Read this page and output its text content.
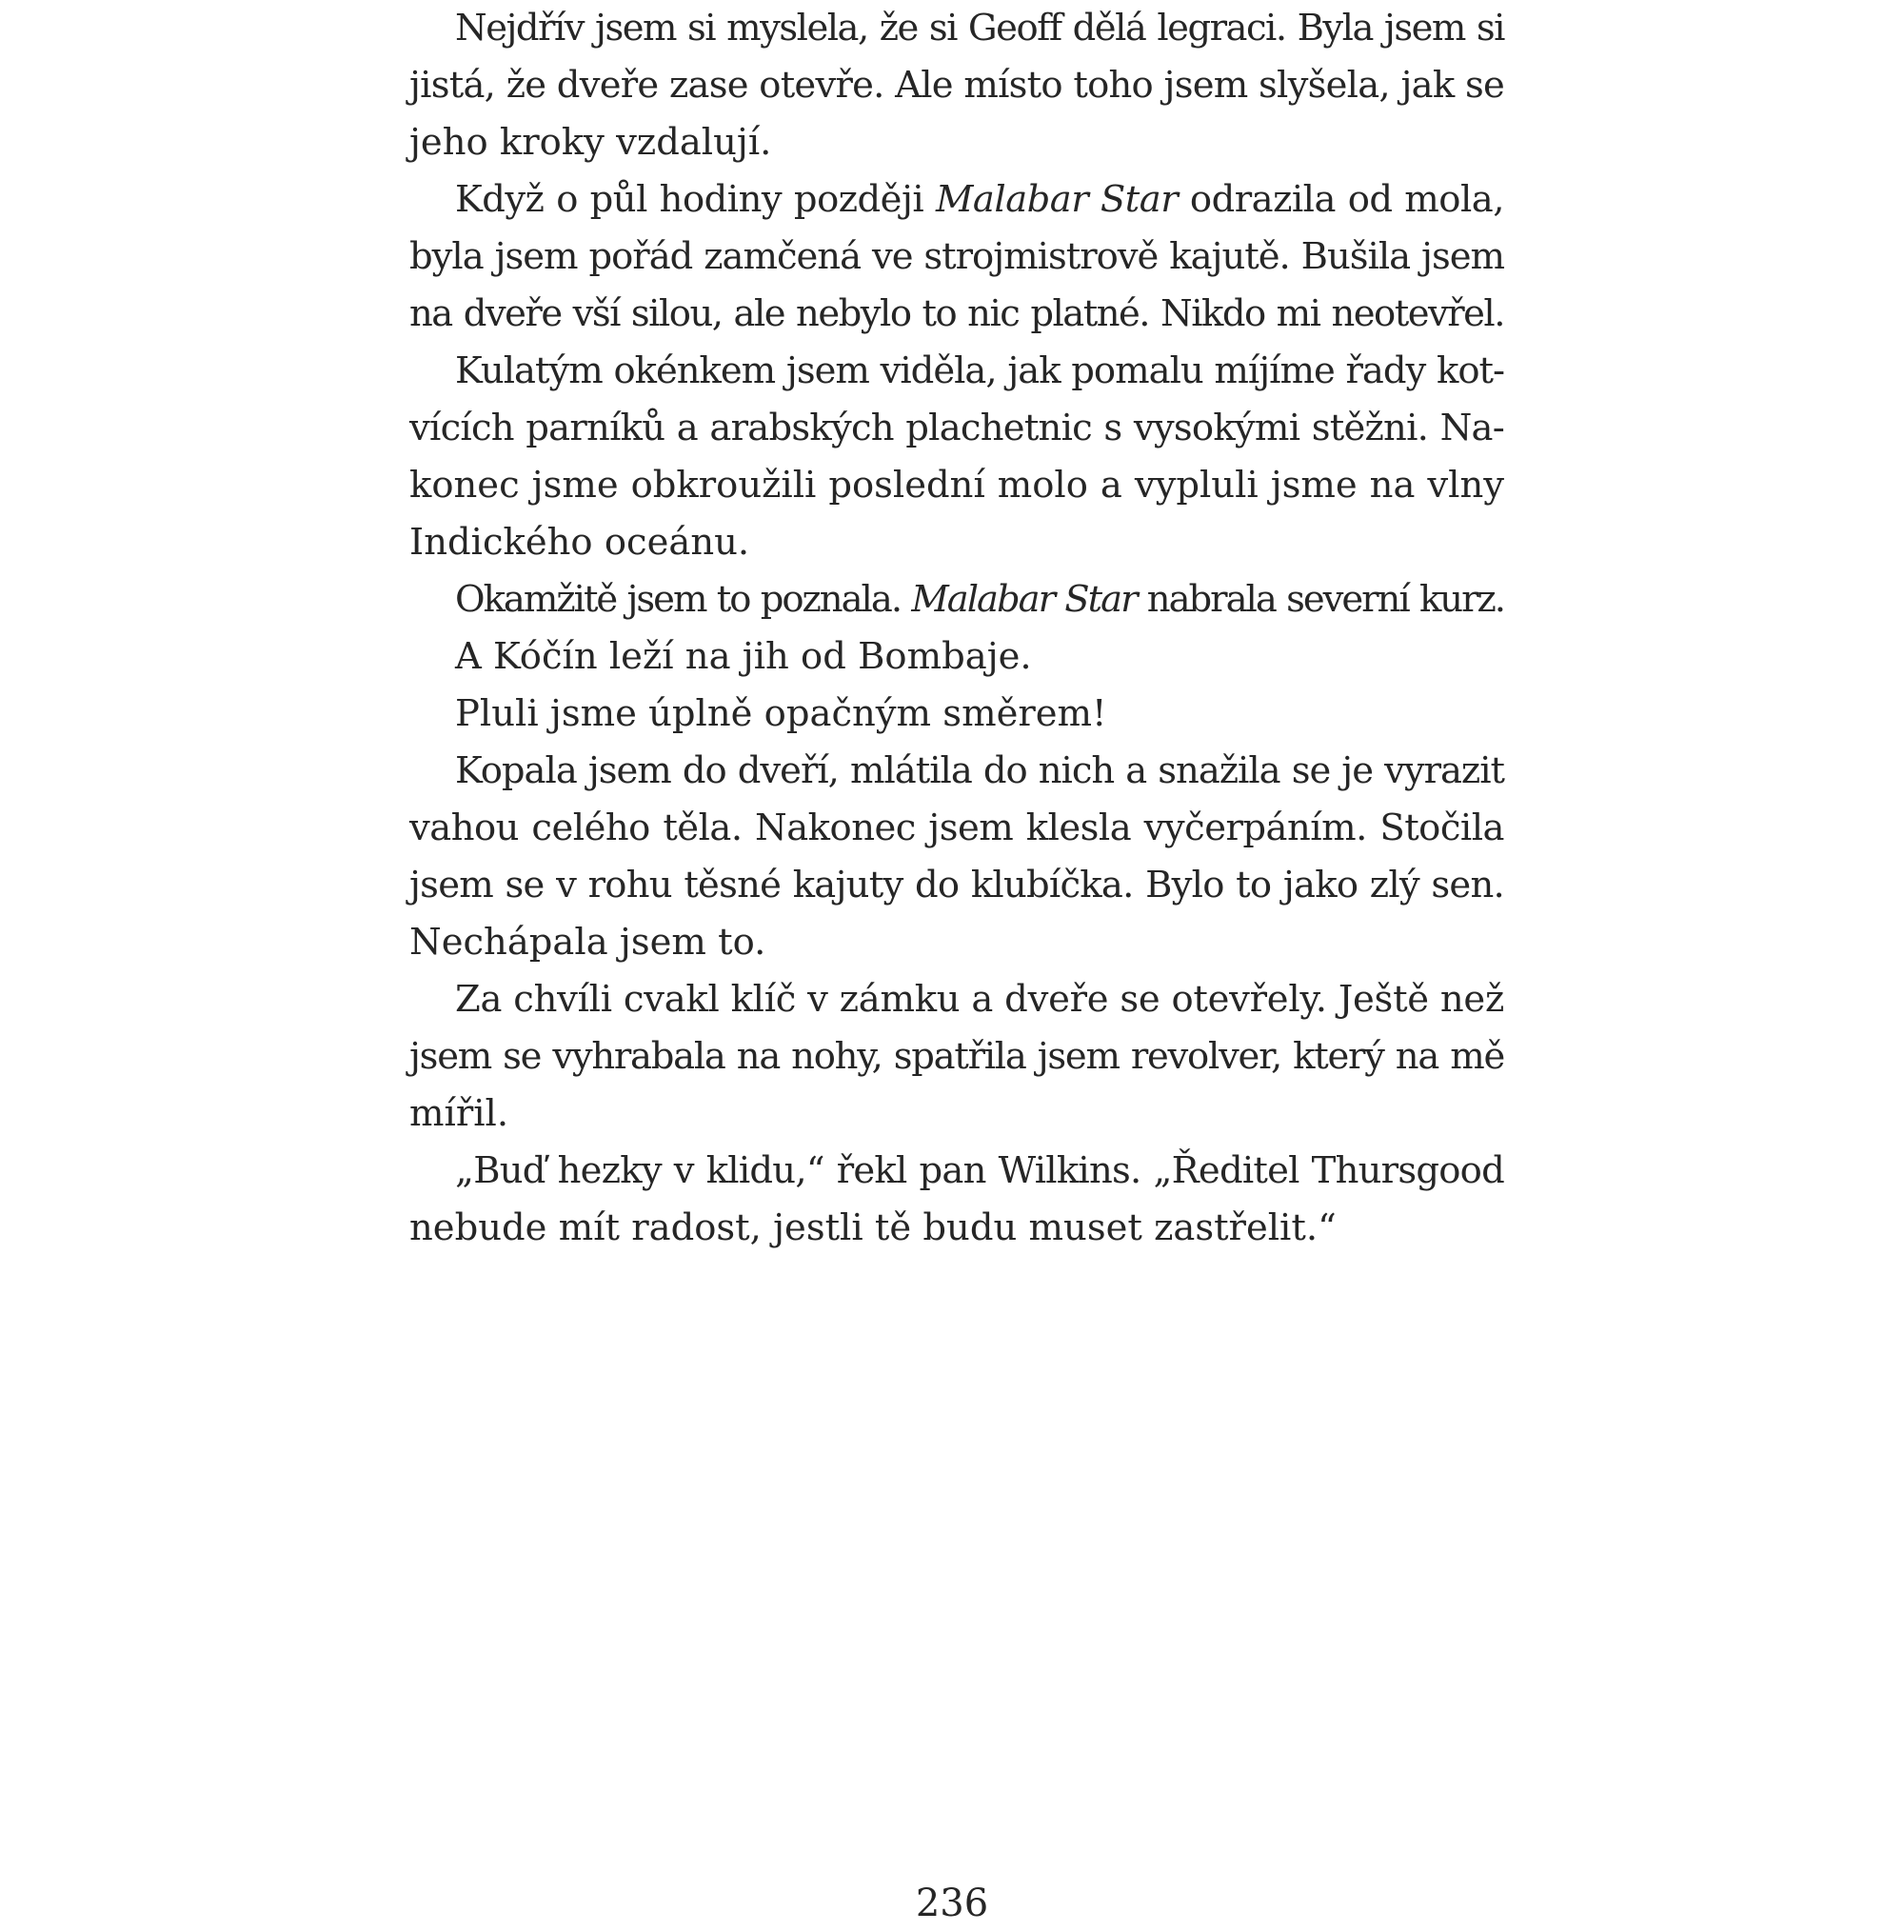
Nejdřív jsem si myslela, že si Geoff dělá legraci. Byla jsem si
jistá, že dveře zase otevře. Ale místo toho jsem slyšela, jak se
jeho kroky vzdalují.
Když o půl hodiny později Malabar Star odrazila od mola,
byla jsem pořád zamčená ve strojmistrově kajutě. Bušila jsem
na dveře vší silou, ale nebylo to nic platné. Nikdo mi neotevřel.
Kulatým okénkem jsem viděla, jak pomalu míjíme řady kot-
vících parníků a arabských plachetnic s vysokými stěžni. Na-
konec jsme obkroužili poslední molo a vypluli jsme na vlny
Indického oceánu.
Okamžitě jsem to poznala. Malabar Star nabrala severní kurz.
A Kóčín leží na jih od Bombaje.
Pluli jsme úplně opačným směrem!
Kopala jsem do dveří, mlátila do nich a snažila se je vyrazit
vahou celého těla. Nakonec jsem klesla vyčerpáním. Stočila
jsem se v rohu těsné kajuty do klubíčka. Bylo to jako zlý sen.
Nechápala jsem to.
Za chvíli cvakl klíč v zámku a dveře se otevřely. Ještě než
jsem se vyhrabala na nohy, spatřila jsem revolver, který na mě
mířil.
„Buď hezky v klidu,“ řekl pan Wilkins. „Ředitel Thursgood
nebude mít radost, jestli tě budu muset zastřelit.“
236
